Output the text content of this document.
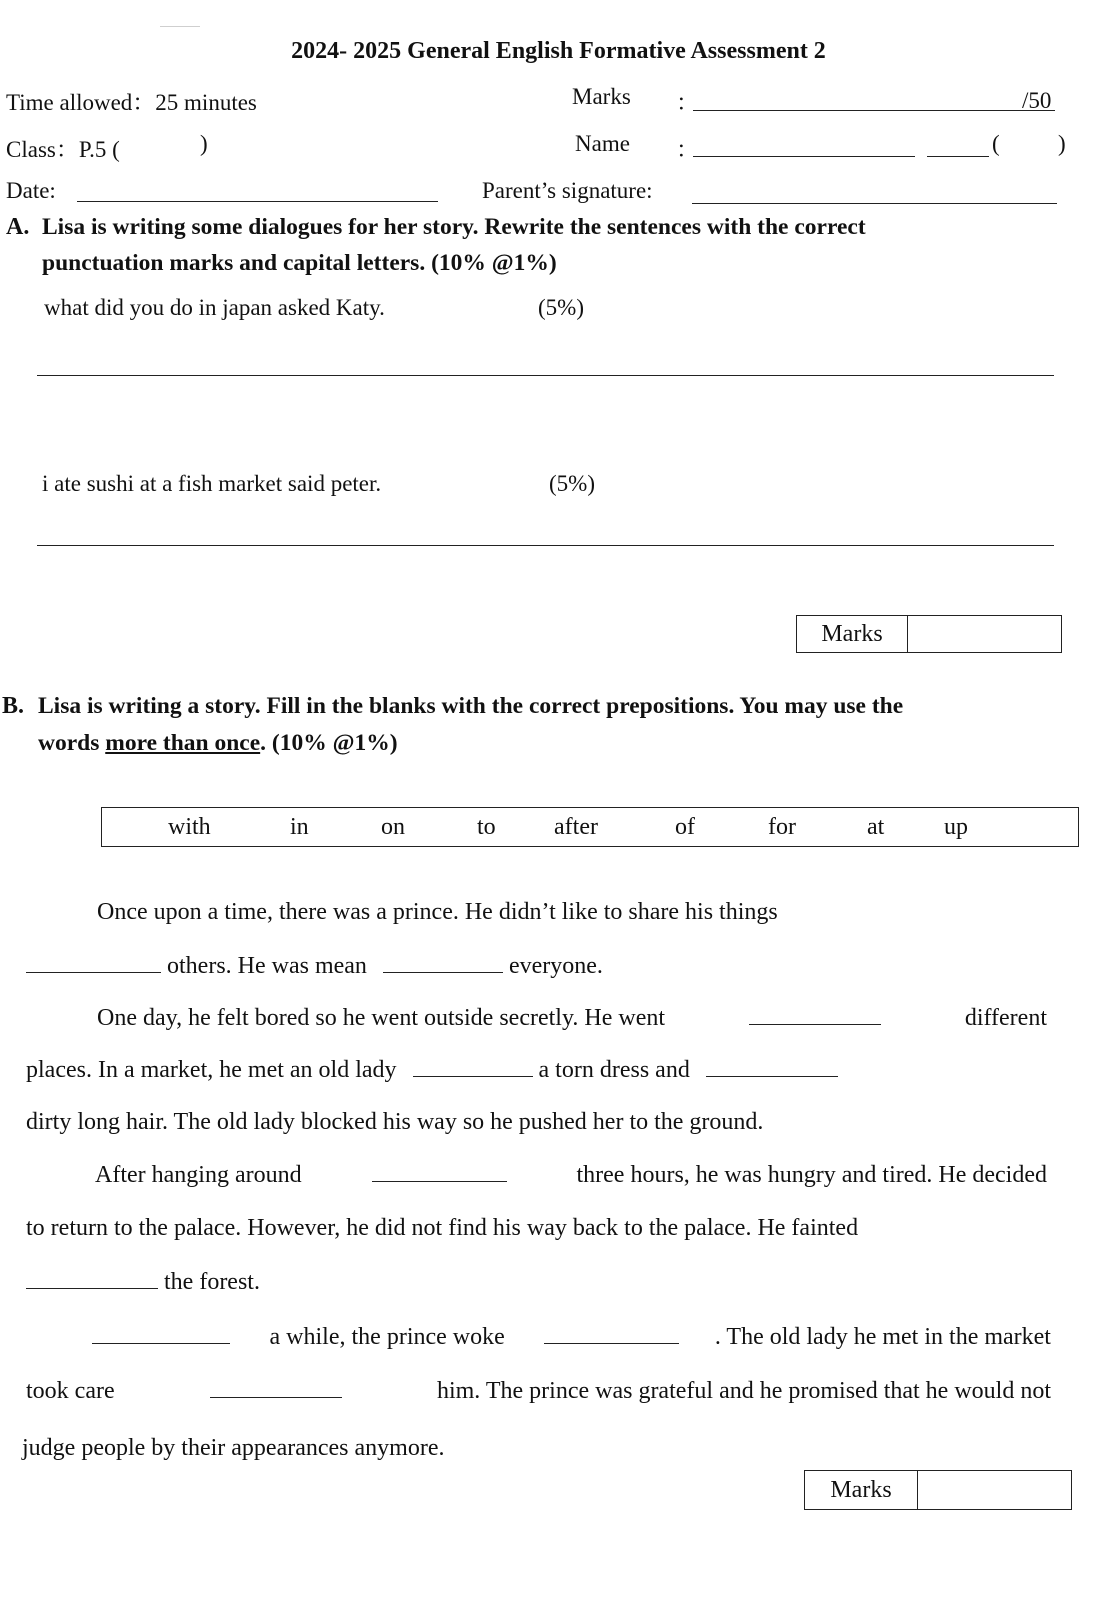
2024- 2025 General English Formative Assessment 2
Time allowed：25 minutes	Marks ：	/50
Class：P.5 (	)	Name ：	(	)
Date:	Parent’s signature:
A. Lisa is writing some dialogues for her story. Rewrite the sentences with the correct
punctuation marks and capital letters. (10% @1%)
what did you do in japan asked Katy.	(5%)
i ate sushi at a fish market said peter.	(5%)
Marks
B. Lisa is writing a story. Fill in the blanks with the correct prepositions. You may use the
words more than once. (10% @1%)
with	in	on	to after	of	for	at up
Once upon a time, there was a prince. He didn’t like to share his things
others. He was mean	everyone.
One day, he felt bored so he went outside secretly. He went	different
places. In a market, he met an old lady	a torn dress and
dirty long hair. The old lady blocked his way so he pushed her to the ground.
After hanging around	three hours, he was hungry and tired. He decided
to return to the palace. However, he did not find his way back to the palace. He fainted
the forest.
a while, the prince woke	. The old lady he met in the market
took care	him. The prince was grateful and he promised that he would not
judge people by their appearances anymore.
Marks
